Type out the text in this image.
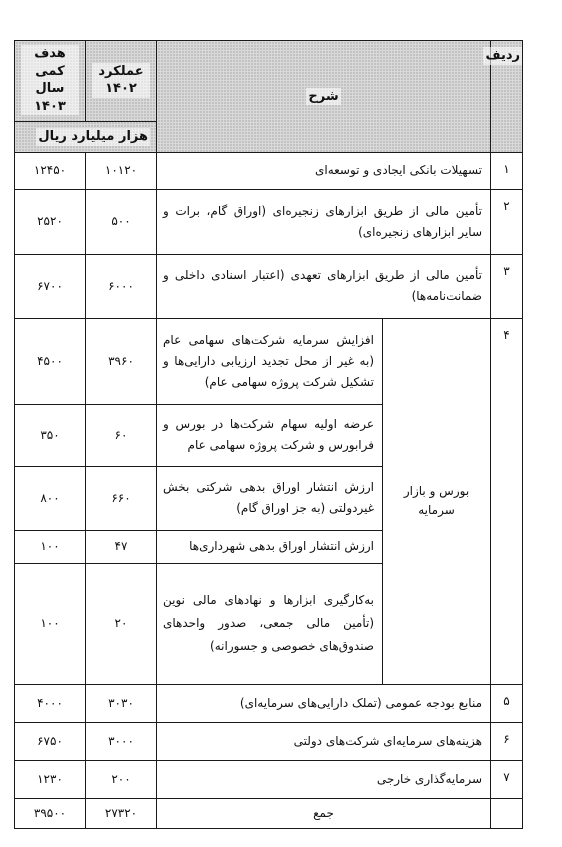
ردیف	شرح		عملکرد ۱۴۰۲	هدف کمی سال ۱۴۰۳
			هزار میلیارد ریال	
۱	تسهیلات بانکی ایجادی و توسعه‌ای		۱۰۱۲۰	۱۲۴۵۰
۲	تأمین مالی از طریق ابزارهای زنجیره‌ای (اوراق گام، برات و سایر ابزارهای زنجیره‌ای)		۵۰۰	۲۵۲۰
۳	تأمین مالی از طریق ابزارهای تعهدی (اعتبار اسنادی داخلی و ضمانت‌نامه‌ها)		۶۰۰۰	۶۷۰۰
۴	بورس و بازار سرمایه	افزایش سرمایه شرکت‌های سهامی عام (به غیر از محل تجدید ارزیابی دارایی‌ها و تشکیل شرکت پروژه سهامی عام)	۳۹۶۰	۴۵۰۰
		عرضه اولیه سهام شرکت‌ها در بورس و فرابورس و شرکت پروژه سهامی عام	۶۰	۳۵۰
		ارزش انتشار اوراق بدهی شرکتی بخش غیردولتی (به جز اوراق گام)	۶۶۰	۸۰۰
		ارزش انتشار اوراق بدهی شهرداری‌ها	۴۷	۱۰۰
		به‌کارگیری ابزارها و نهادهای مالی نوین (تأمین مالی جمعی، صدور واحدهای صندوق‌های خصوصی و جسورانه)	۲۰	۱۰۰
۵	منابع بودجه عمومی (تملک دارایی‌های سرمایه‌ای)		۳۰۳۰	۴۰۰۰
۶	هزینه‌های سرمایه‌ای شرکت‌های دولتی		۳۰۰۰	۶۷۵۰
۷	سرمایه‌گذاری خارجی		۲۰۰	۱۲۳۰
	جمع		۲۷۳۲۰	۳۹۵۰۰
